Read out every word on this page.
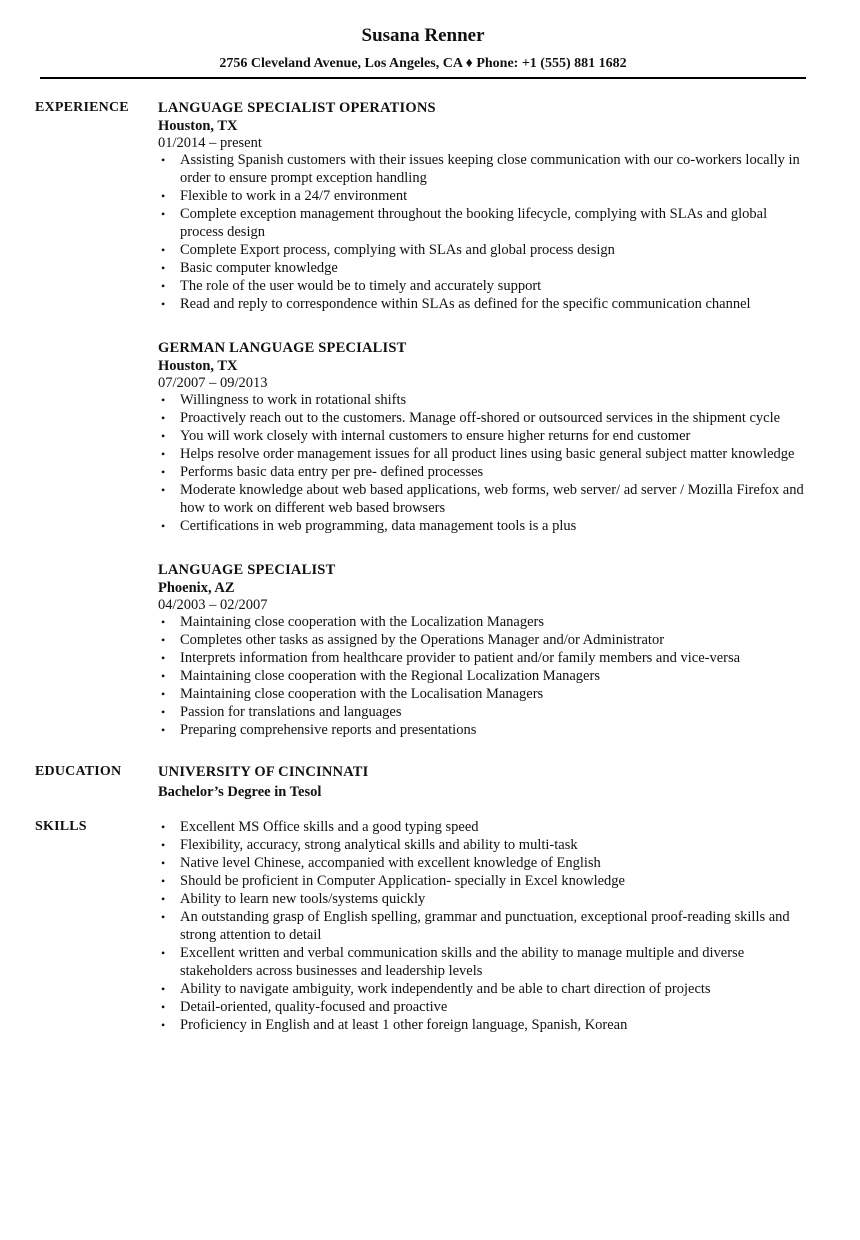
Susana Renner
2756 Cleveland Avenue, Los Angeles, CA ♦ Phone: +1 (555) 881 1682
EXPERIENCE LANGUAGE SPECIALIST OPERATIONS
Houston, TX
01/2014 – present
• Assisting Spanish customers with their issues keeping close communication with our co-workers locally in order to ensure prompt exception handling
• Flexible to work in a 24/7 environment
• Complete exception management throughout the booking lifecycle, complying with SLAs and global process design
• Complete Export process, complying with SLAs and global process design
• Basic computer knowledge
• The role of the user would be to timely and accurately support
• Read and reply to correspondence within SLAs as defined for the specific communication channel
GERMAN LANGUAGE SPECIALIST
Houston, TX
07/2007 – 09/2013
• Willingness to work in rotational shifts
• Proactively reach out to the customers. Manage off-shored or outsourced services in the shipment cycle
• You will work closely with internal customers to ensure higher returns for end customer
• Helps resolve order management issues for all product lines using basic general subject matter knowledge
• Performs basic data entry per pre- defined processes
• Moderate knowledge about web based applications, web forms, web server/ ad server / Mozilla Firefox and how to work on different web based browsers
• Certifications in web programming, data management tools is a plus
LANGUAGE SPECIALIST
Phoenix, AZ
04/2003 – 02/2007
• Maintaining close cooperation with the Localization Managers
• Completes other tasks as assigned by the Operations Manager and/or Administrator
• Interprets information from healthcare provider to patient and/or family members and vice-versa
• Maintaining close cooperation with the Regional Localization Managers
• Maintaining close cooperation with the Localisation Managers
• Passion for translations and languages
• Preparing comprehensive reports and presentations
EDUCATION	UNIVERSITY OF CINCINNATI
Bachelor’s Degree in Tesol
SKILLS	• Excellent MS Office skills and a good typing speed
• Flexibility, accuracy, strong analytical skills and ability to multi-task
• Native level Chinese, accompanied with excellent knowledge of English
• Should be proficient in Computer Application- specially in Excel knowledge
• Ability to learn new tools/systems quickly
• An outstanding grasp of English spelling, grammar and punctuation, exceptional proof-reading skills and strong attention to detail
• Excellent written and verbal communication skills and the ability to manage multiple and diverse stakeholders across businesses and leadership levels
• Ability to navigate ambiguity, work independently and be able to chart direction of projects
• Detail-oriented, quality-focused and proactive
• Proficiency in English and at least 1 other foreign language, Spanish, Korean
